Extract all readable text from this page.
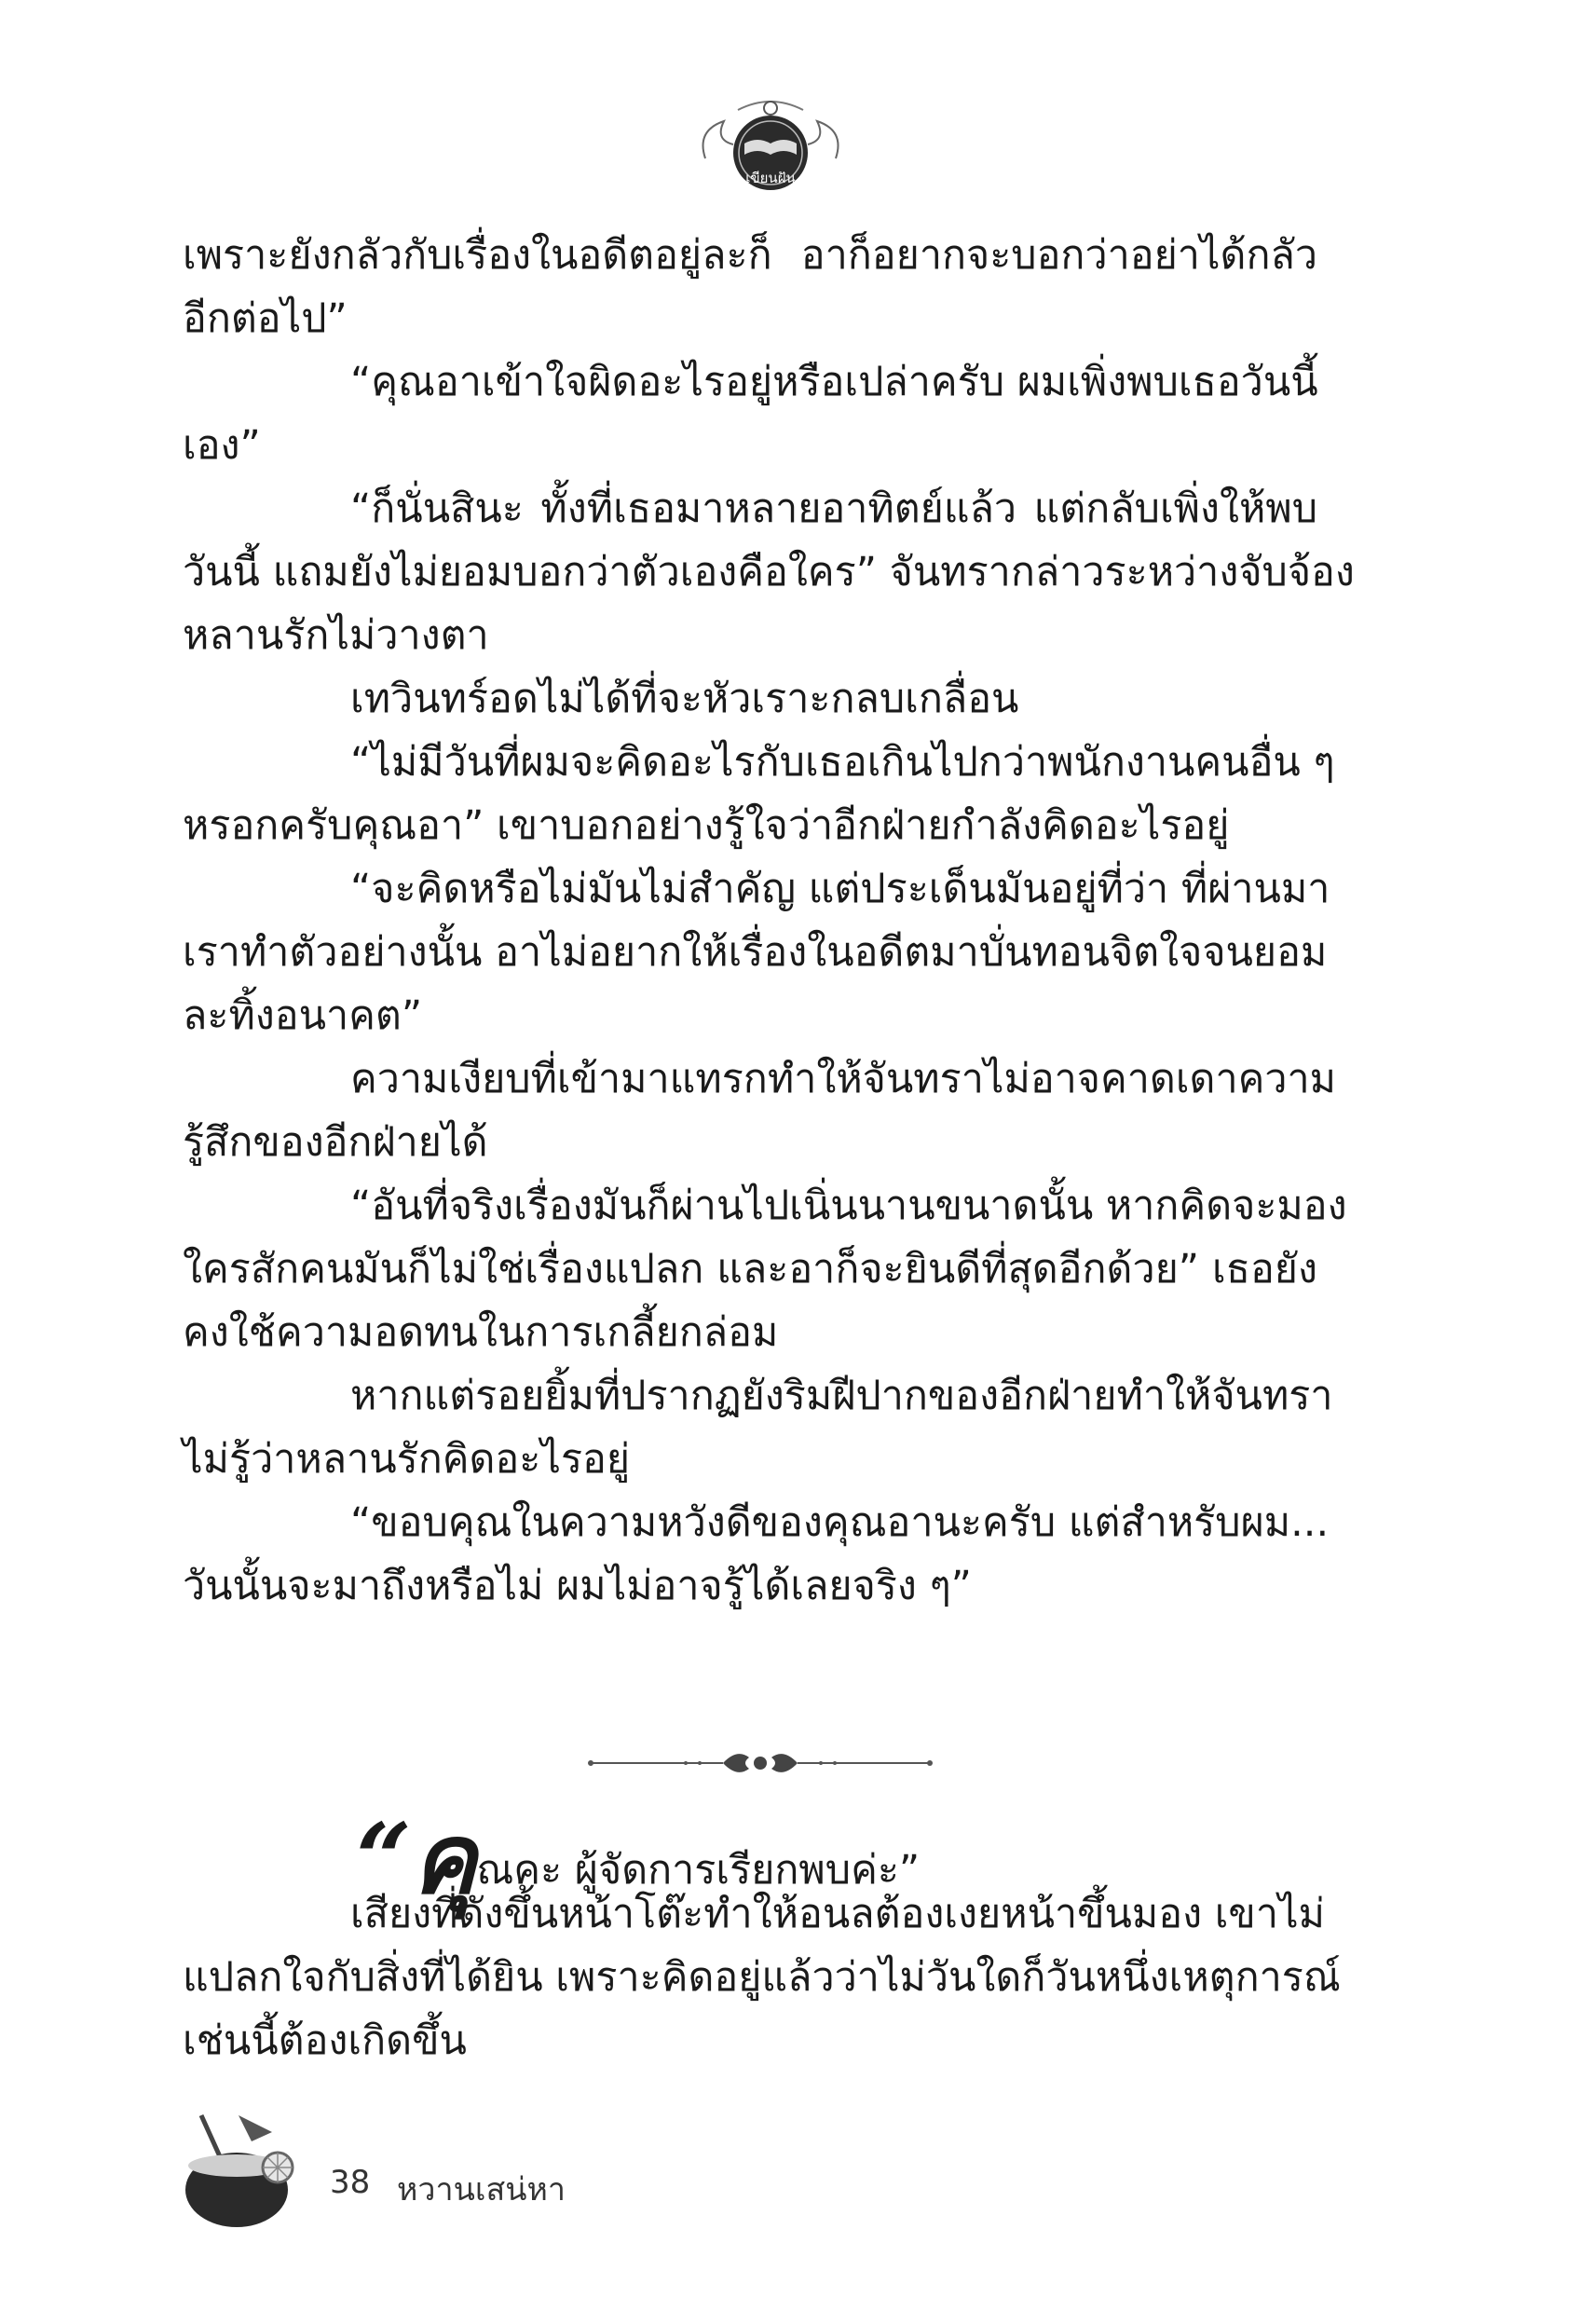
เขียนฝัน
เพราะยังกลัวกับเรื่องในอดีตอยู่ละก็ อาก็อยากจะบอกว่าอย่าได้กลัว
อีกต่อไป”
“คุณอาเข้าใจผิดอะไรอยู่หรือเปล่าครับ ผมเพิ่งพบเธอวันนี้
เอง”
“ก็นั่นสินะ ทั้งที่เธอมาหลายอาทิตย์แล้ว แต่กลับเพิ่งให้พบ
วันนี้ แถมยังไม่ยอมบอกว่าตัวเองคือใคร” จันทรากล่าวระหว่างจับจ้อง
หลานรักไม่วางตา
เทวินทร์อดไม่ได้ที่จะหัวเราะกลบเกลื่อน
“ไม่มีวันที่ผมจะคิดอะไรกับเธอเกินไปกว่าพนักงานคนอื่น ๆ
หรอกครับคุณอา” เขาบอกอย่างรู้ใจว่าอีกฝ่ายกำลังคิดอะไรอยู่
“จะคิดหรือไม่มันไม่สำคัญ แต่ประเด็นมันอยู่ที่ว่า ที่ผ่านมา
เราทำตัวอย่างนั้น อาไม่อยากให้เรื่องในอดีตมาบั่นทอนจิตใจจนยอม
ละทิ้งอนาคต”
ความเงียบที่เข้ามาแทรกทำให้จันทราไม่อาจคาดเดาความ
รู้สึกของอีกฝ่ายได้
“อันที่จริงเรื่องมันก็ผ่านไปเนิ่นนานขนาดนั้น หากคิดจะมอง
ใครสักคนมันก็ไม่ใช่เรื่องแปลก และอาก็จะยินดีที่สุดอีกด้วย” เธอยัง
คงใช้ความอดทนในการเกลี้ยกล่อม
หากแต่รอยยิ้มที่ปรากฏยังริมฝีปากของอีกฝ่ายทำให้จันทรา
ไม่รู้ว่าหลานรักคิดอะไรอยู่
“ขอบคุณในความหวังดีของคุณอานะครับ แต่สำหรับผม...
วันนั้นจะมาถึงหรือไม่ ผมไม่อาจรู้ได้เลยจริง ๆ”
“คุณคะ ผู้จัดการเรียกพบค่ะ”
เสียงที่ดังขึ้นหน้าโต๊ะทำให้อนลต้องเงยหน้าขึ้นมอง เขาไม่
แปลกใจกับสิ่งที่ได้ยิน เพราะคิดอยู่แล้วว่าไม่วันใดก็วันหนึ่งเหตุการณ์
เช่นนี้ต้องเกิดขึ้น
38 หวานเสน่หา
